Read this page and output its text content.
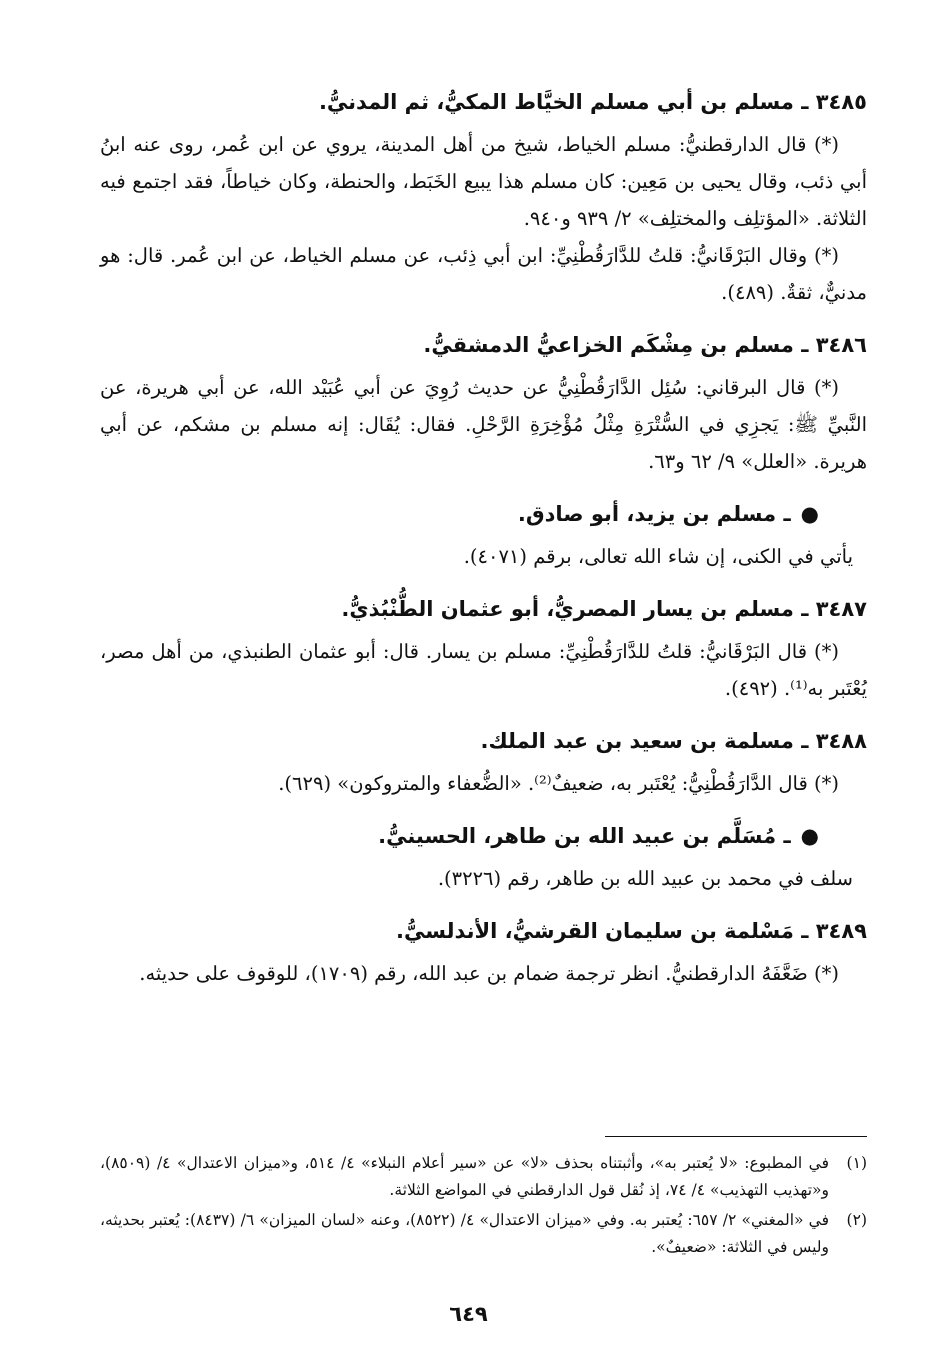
٣٤٨٥ ـ مسلم بن أبي مسلم الخيَّاط المكيُّ، ثم المدنيُّ.

(*) قال الدارقطنيُّ: مسلم الخياط، شيخ من أهل المدينة، يروي عن ابن عُمر، روى عنه ابنُ أبي ذئب، وقال يحيى بن مَعِين: كان مسلم هذا يبيع الخَبَط، والحنطة، وكان خياطاً، فقد اجتمع فيه الثلاثة. «المؤتلِف والمختلِف» ٢/ ٩٣٩ و٩٤٠.

(*) وقال البَرْقَانيُّ: قلتُ للدَّارَقُطْنِيِّ: ابن أبي ذِئب، عن مسلم الخياط، عن ابن عُمر. قال: هو مدنيٌّ، ثقةٌ. (٤٨٩).

٣٤٨٦ ـ مسلم بن مِشْكَم الخزاعيُّ الدمشقيُّ.

(*) قال البرقاني: سُئِل الدَّارَقُطْنِيُّ عن حديث رُوِيَ عن أبي عُبَيْد الله، عن أبي هريرة، عن النَّبيِّ ﷺ: يَجزِي في السُّتْرَةِ مِثْلُ مُؤْخِرَةِ الرَّحْلِ. فقال: يُقَال: إنه مسلم بن مشكم، عن أبي هريرة. «العلل» ٩/ ٦٢ و٦٣.

●ـ مسلم بن يزيد، أبو صادق.

يأتي في الكنى، إن شاء الله تعالى، برقم (٤٠٧١).

٣٤٨٧ ـ مسلم بن يسار المصريُّ، أبو عثمان الطُّنْبُذيُّ.

(*) قال البَرْقَانيُّ: قلتُ للدَّارَقُطْنِيِّ: مسلم بن يسار. قال: أبو عثمان الطنبذي، من أهل مصر، يُعْتَبر به⁽¹⁾. (٤٩٢).

٣٤٨٨ ـ مسلمة بن سعيد بن عبد الملك.

(*) قال الدَّارَقُطْنِيُّ: يُعْتَبر به، ضعيفٌ⁽²⁾. «الضُّعفاء والمتروكون» (٦٢٩).

●ـ مُسَلَّم بن عبيد الله بن طاهر، الحسينيُّ.

سلف في محمد بن عبيد الله بن طاهر، رقم (٣٢٢٦).

٣٤٨٩ ـ مَسْلمة بن سليمان القرشيُّ، الأندلسيُّ.

(*) ضَعَّفَهُ الدارقطنيُّ. انظر ترجمة ضمام بن عبد الله، رقم (١٧٠٩)، للوقوف على حديثه.

(١)
في المطبوع: «لا يُعتبر به»، وأثبتناه بحذف «لا» عن «سير أعلام النبلاء» ٤/ ٥١٤، و«ميزان الاعتدال» ٤/ (٨٥٠٩)، و«تهذيب التهذيب» ٤/ ٧٤، إذ نُقل قول الدارقطني في المواضع الثلاثة.
(٢)
في «المغني» ٢/ ٦٥٧: يُعتبر به. وفي «ميزان الاعتدال» ٤/ (٨٥٢٢)، وعنه «لسان الميزان» ٦/ (٨٤٣٧): يُعتبر بحديثه، وليس في الثلاثة: «ضعيفٌ».
٦٤٩
